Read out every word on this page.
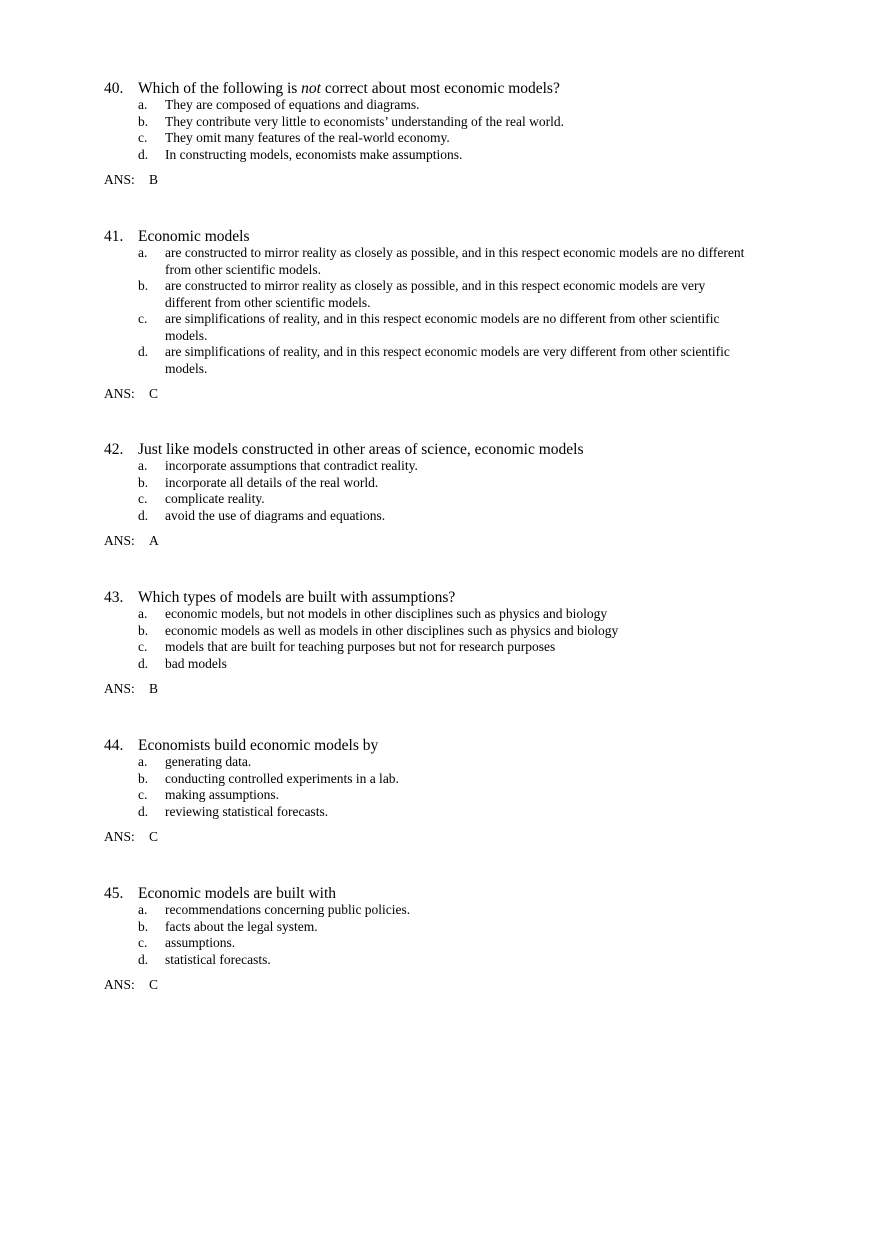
40. Which of the following is not correct about most economic models?
a. They are composed of equations and diagrams.
b. They contribute very little to economists’ understanding of the real world.
c. They omit many features of the real-world economy.
d. In constructing models, economists make assumptions.
ANS: B
41. Economic models
a. are constructed to mirror reality as closely as possible, and in this respect economic models are no different from other scientific models.
b. are constructed to mirror reality as closely as possible, and in this respect economic models are very different from other scientific models.
c. are simplifications of reality, and in this respect economic models are no different from other scientific models.
d. are simplifications of reality, and in this respect economic models are very different from other scientific models.
ANS: C
42. Just like models constructed in other areas of science, economic models
a. incorporate assumptions that contradict reality.
b. incorporate all details of the real world.
c. complicate reality.
d. avoid the use of diagrams and equations.
ANS: A
43. Which types of models are built with assumptions?
a. economic models, but not models in other disciplines such as physics and biology
b. economic models as well as models in other disciplines such as physics and biology
c. models that are built for teaching purposes but not for research purposes
d. bad models
ANS: B
44. Economists build economic models by
a. generating data.
b. conducting controlled experiments in a lab.
c. making assumptions.
d. reviewing statistical forecasts.
ANS: C
45. Economic models are built with
a. recommendations concerning public policies.
b. facts about the legal system.
c. assumptions.
d. statistical forecasts.
ANS: C
